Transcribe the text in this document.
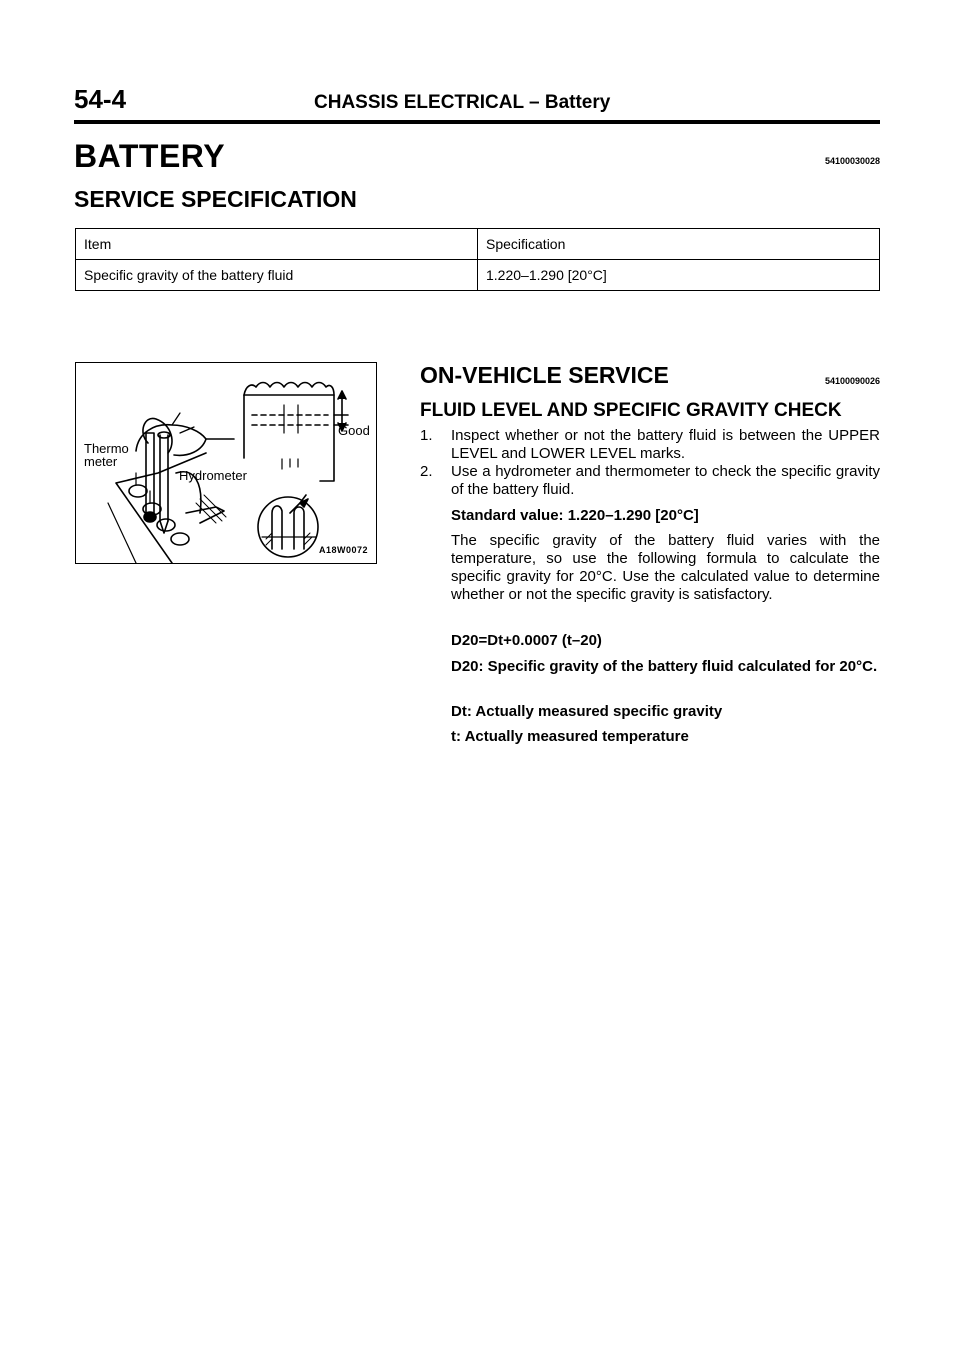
54-4	CHASSIS ELECTRICAL – Battery
BATTERY	54100030028
SERVICE SPECIFICATION
Item	Specification
Specific gravity of the battery fluid	1.220–1.290 [20°C]
Thermo
meter
Hydrometer
Good
A18W0072
ON-VEHICLE SERVICE	54100090026
FLUID LEVEL AND SPECIFIC GRAVITY CHECK
1.	Inspect whether or not the battery fluid is between the UPPER LEVEL and LOWER LEVEL marks.
2.	Use a hydrometer and thermometer to check the specific gravity of the battery fluid.
Standard value: 1.220–1.290 [20°C]
The specific gravity of the battery fluid varies with the temperature, so use the following formula to calculate the specific gravity for 20°C. Use the calculated value to determine whether or not the specific gravity is satisfactory.
D20=Dt+0.0007 (t–20)
D20: Specific gravity of the battery fluid calculated for 20°C.
Dt: Actually measured specific gravity
t: Actually measured temperature
